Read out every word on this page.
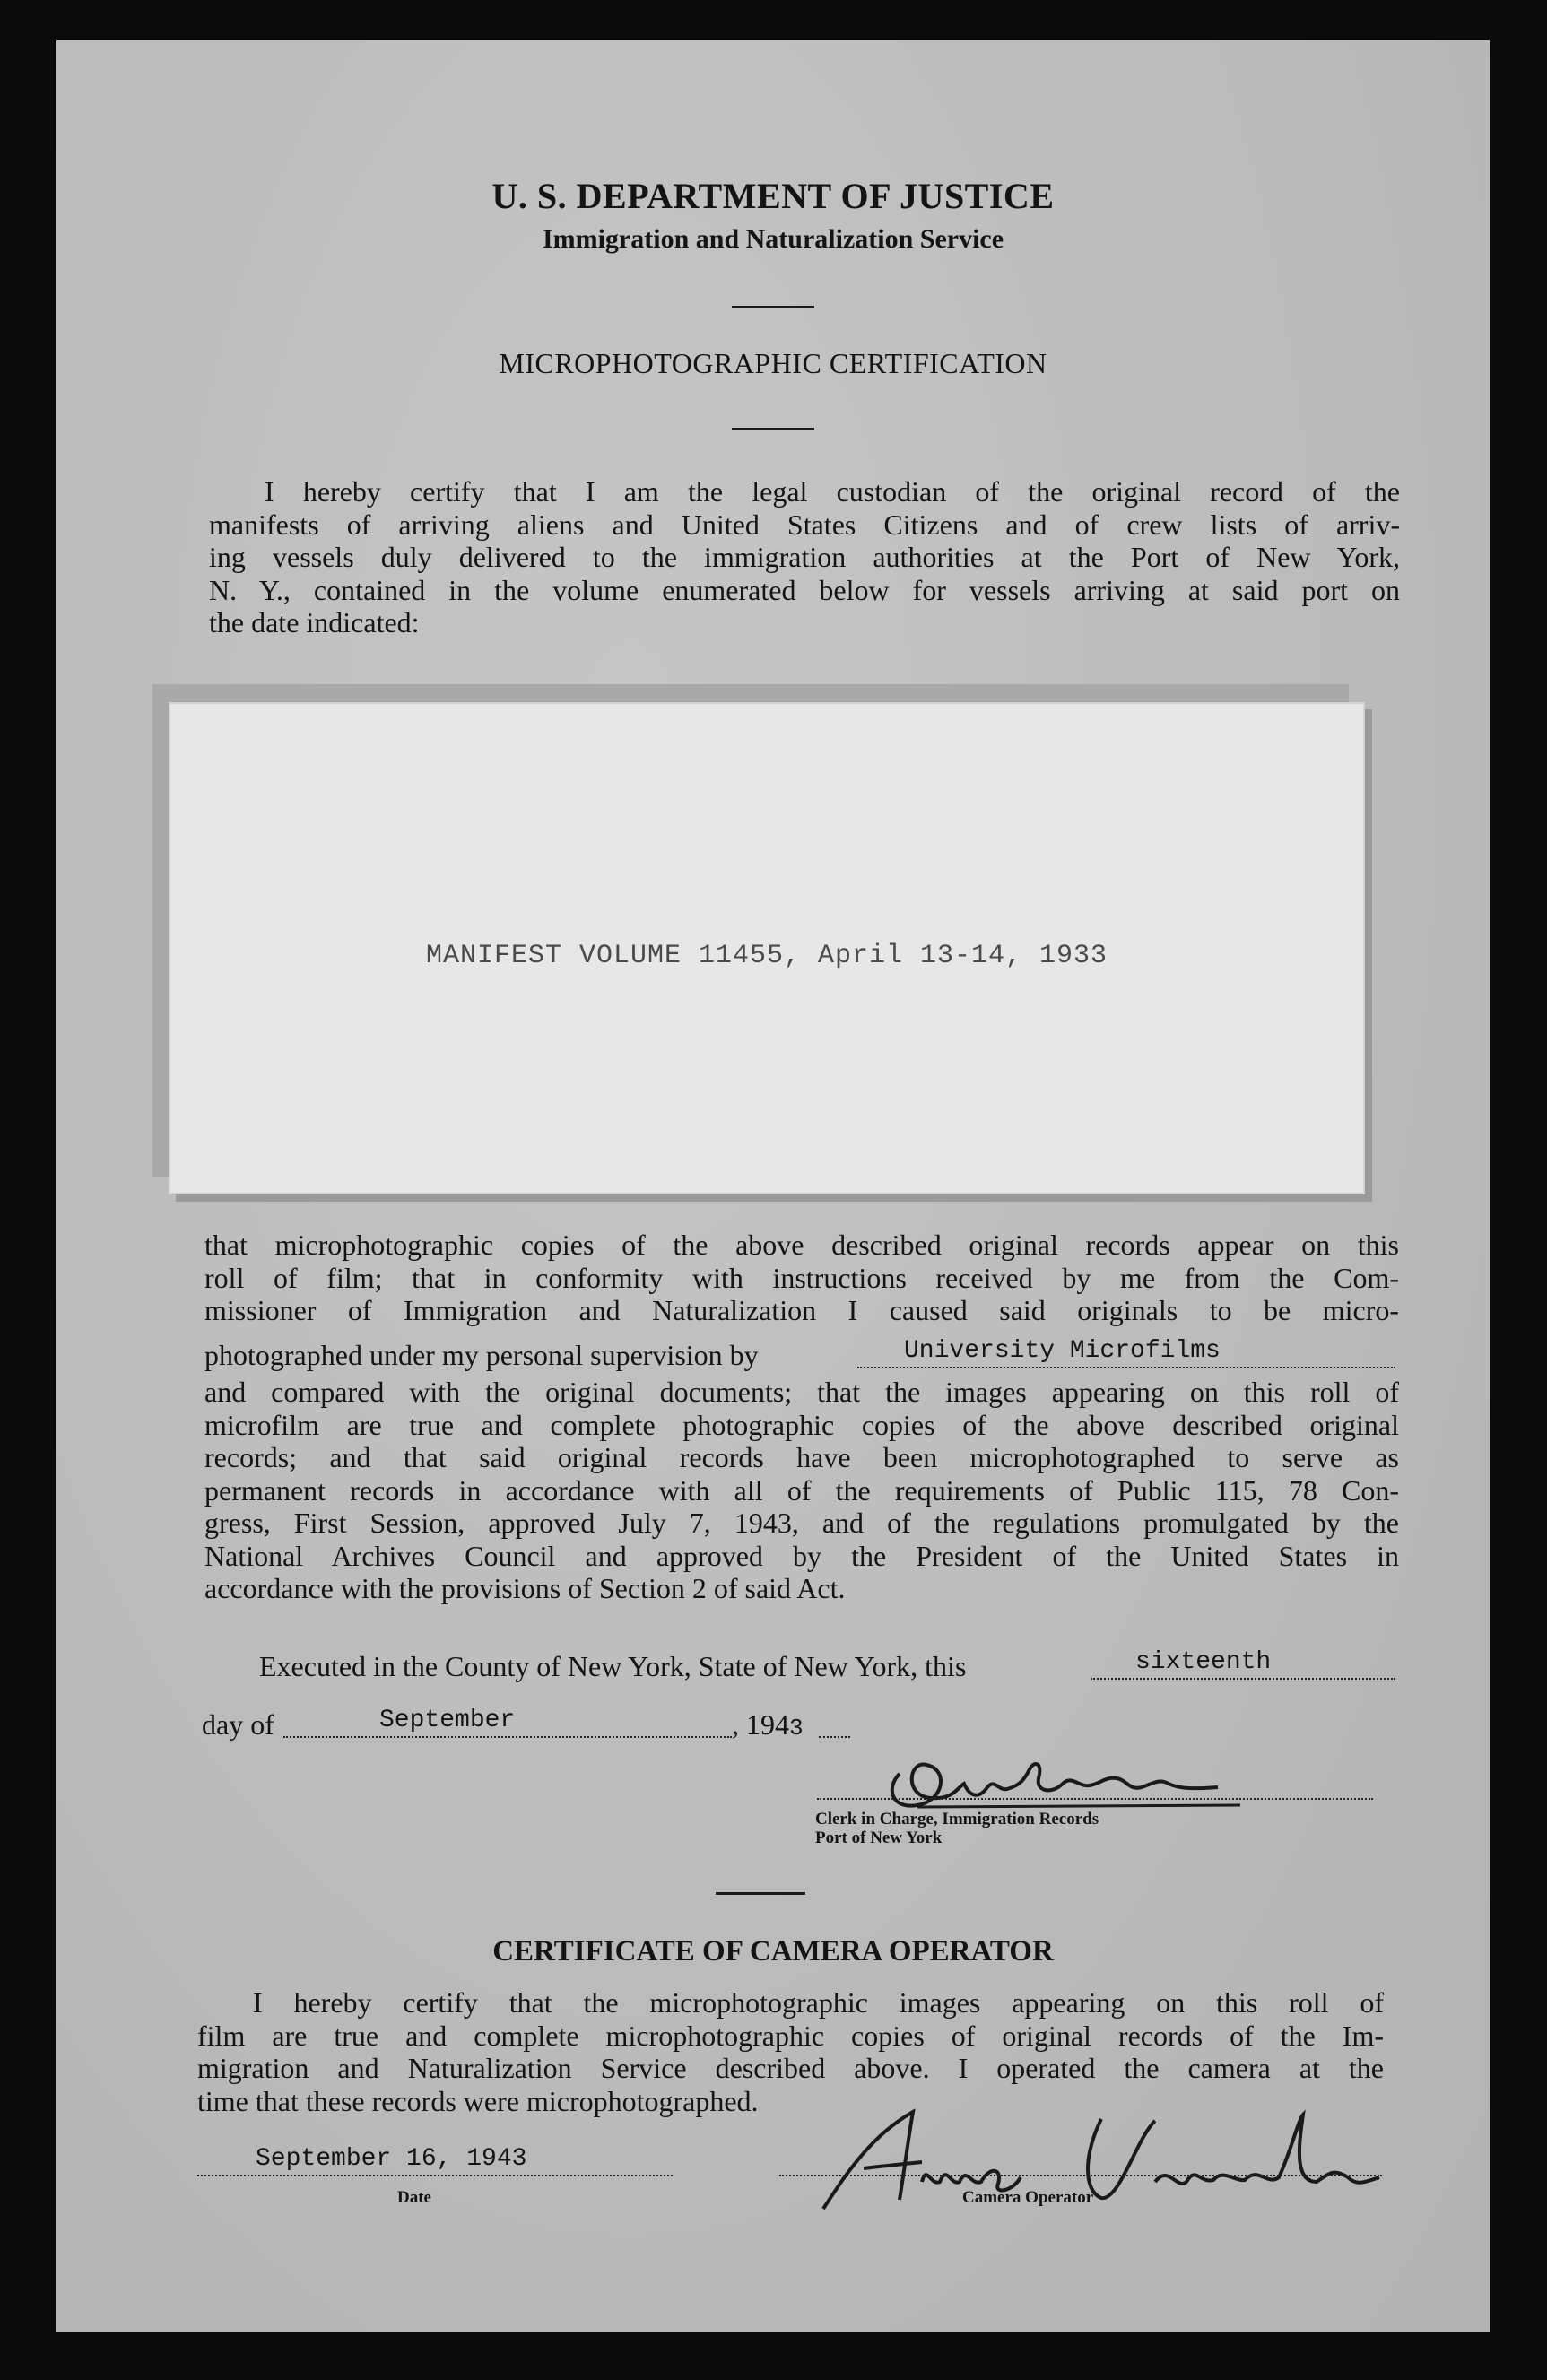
U. S. DEPARTMENT OF JUSTICE
Immigration and Naturalization Service
MICROPHOTOGRAPHIC CERTIFICATION
I hereby certify that I am the legal custodian of the original record of the
manifests of arriving aliens and United States Citizens and of crew lists of arriv-
ing vessels duly delivered to the immigration authorities at the Port of New York,
N. Y., contained in the volume enumerated below for vessels arriving at said port on
the date indicated:
MANIFEST VOLUME 11455, April 13-14, 1933
that microphotographic copies of the above described original records appear on this
roll of film; that in conformity with instructions received by me from the Com-
missioner of Immigration and Naturalization I caused said originals to be micro-
photographed under my personal supervision by	University Microfilms
and compared with the original documents; that the images appearing on this roll of
microfilm are true and complete photographic copies of the above described original
records; and that said original records have been microphotographed to serve as
permanent records in accordance with all of the requirements of Public 115, 78 Con-
gress, First Session, approved July 7, 1943, and of the regulations promulgated by the
National Archives Council and approved by the President of the United States in
accordance with the provisions of Section 2 of said Act.
Executed in the County of New York, State of New York, this	sixteenth
day of	September	, 1943
Clerk in Charge, Immigration Records
Port of New York
CERTIFICATE OF CAMERA OPERATOR
I hereby certify that the microphotographic images appearing on this roll of
film are true and complete microphotographic copies of original records of the Im-
migration and Naturalization Service described above. I operated the camera at the
time that these records were microphotographed.
September 16, 1943
Date	Camera Operator
